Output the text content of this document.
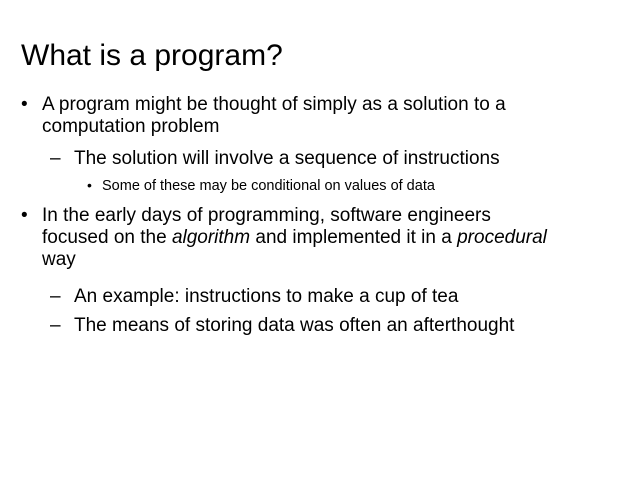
What is a program?
• A program might be thought of simply as a solution to a
computation problem
– The solution will involve a sequence of instructions
• Some of these may be conditional on values of data
• In the early days of programming, software engineers
focused on the algorithm and implemented it in a procedural
way
– An example: instructions to make a cup of tea
– The means of storing data was often an afterthought
